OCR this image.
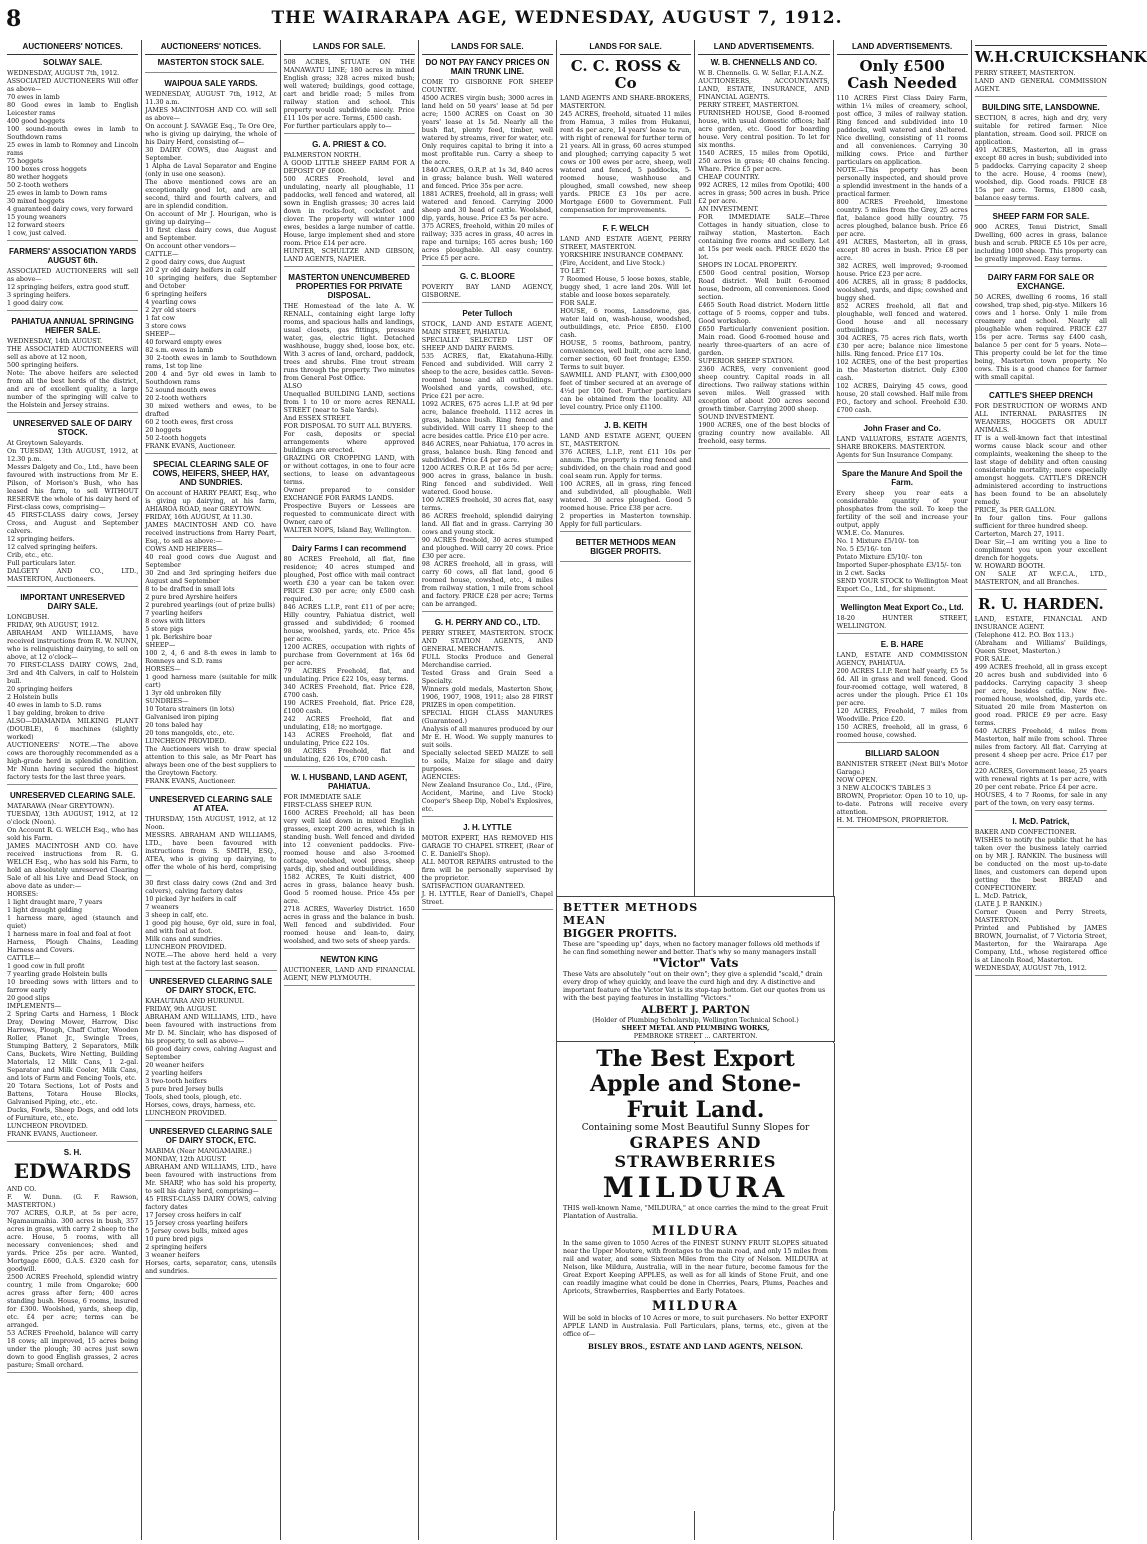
8	THE WAIRARAPA AGE, WEDNESDAY, AUGUST 7, 1912.
AUCTIONEERS' NOTICES.
SOLWAY SALE.
WEDNESDAY, AUGUST 7th, 1912.
ASSOCIATED AUCTIONEERS Will offer as above—
70 ewes in lamb
80 Good ewes in lamb to English Leicester rams
400 good hoggets
100 sound-mouth ewes in lamb to Southdown rams
25 ewes in lamb to Romney and Lincoln rams
75 hoggets
100 boxes cross hoggets
80 wether hoggets
50 2-tooth wethers
25 ewes in lamb to Down rams
30 mixed hoggets
4 guaranteed dairy cows, very forward
15 young weaners
12 forward steers
1 cow, just calved.
FARMERS' ASSOCIATION YARDS AUGUST 6th.
ASSOCIATED AUCTIONEERS will sell as above—
12 springing heifers, extra good stuff.
3 springing heifers.
1 good dairy cow.
PAHIATUA ANNUAL SPRINGING HEIFER SALE.
WEDNESDAY, 14th AUGUST.
THE ASSOCIATED AUCTIONEERS will sell as above at 12 noon,
500 springing heifers.
Note: The above heifers are selected from all the best herds of the district, and are of excellent quality, a large number of the springing will calve to the Holstein and Jersey strains.
UNRESERVED SALE OF DAIRY STOCK.
At Greytown Saleyards.
On TUESDAY, 13th AUGUST, 1912, at 12.30 p.m.
Messrs Dalgety and Co., Ltd., have been favoured with instructions from Mr E. Pilson, of Morison's Bush, who has leased his farm, to sell WITHOUT RESERVE the whole of his dairy herd of First-class cows, comprising—
45 FIRST-CLASS dairy cows, Jersey Cross, and August and September calvers.
12 springing heifers.
12 calved springing heifers.
Crib, etc., etc.
Full particulars later.
DALGETY AND CO., LTD., MASTERTON, Auctioneers.
IMPORTANT UNRESERVED DAIRY SALE.
LONGBUSH.
FRIDAY, 9th AUGUST, 1912.
ABRAHAM AND WILLIAMS, have received instructions from R. W. NUNN, who is relinquishing dairying, to sell on above, at 12 o'clock—
70 FIRST-CLASS DAIRY COWS, 2nd, 3rd and 4th Calvers, in calf to Holstein bull.
20 springing heifers
2 Holstein bulls
40 ewes in lamb to S.D. rams
1 bay gelding, broken to drive
ALSO—DIAMANDA MILKING PLANT (DOUBLE), 6 machines (slightly worked)
AUCTIONEERS' NOTE.—The above cows are thoroughly recommended as a high-grade herd in splendid condition. Mr Nunn having secured the highest factory tests for the last three years.
UNRESERVED CLEARING SALE.
MATARAWA (Near GREYTOWN).
TUESDAY, 13th AUGUST, 1912, at 12 o'clock (Noon).
On Account R. G. WELCH Esq., who has sold his Farm.
JAMES MACINTOSH AND CO. have received instructions from R. G. WELCH Esq., who has sold his Farm, to hold an absolutely unreserved Clearing Sale of all his Live and Dead Stock, on above date as under:—
HORSES:
1 light draught mare, 7 years
1 light draught gelding
1 harness mare, aged (staunch and quiet)
1 harness mare in foal and foal at foot
Harness, Plough Chains, Leading Harness and Covers.
CATTLE—
1 good cow in full profit
7 yearling grade Holstein bulls
10 breeding sows with litters and to farrow early
20 good slips
IMPLEMENTS—
2 Spring Carts and Harness, 1 Block Dray, Dewing Mower, Harrow, Disc Harrows, Plough, Chaff Cutter, Wooden Roller, Planet Jr., Swingle Trees, Stumping Battery, 2 Separators, Milk Cans, Buckets, Wire Netting, Building Materials, 12 Milk Cans, 1 2-gal. Separator and Milk Cooler, Milk Cans, and lots of Farm and Fencing Tools, etc.
20 Totara Sections, Lot of Posts and Battens, Totara House Blocks, Galvanised Piping, etc., etc.
Ducks, Fowls, Sheep Dogs, and odd lots of Furniture, etc., etc.
LUNCHEON PROVIDED.
FRANK EVANS, Auctioneer.
S. H.
EDWARDS
AND CO.
F. W. Dunn. (G. F. Rawson, MASTERTON.)
707 ACRES, O.R.P., at 5s per acre, Ngamaumaihia. 300 acres in bush, 357 acres in grass, with carry 2 sheep to the acre. House, 5 rooms, with all necessary conveniences; shed and yards. Price 25s per acre. Wanted, Mortgage £600, G.A.S. £320 cash for goodwill.
2500 ACRES Freehold, splendid wintry country, 1 mile from Ongaroke; 600 acres grass after fern; 400 acres standing bush. House, 6 rooms, insured for £300. Woolshed, yards, sheep dip, etc. £4 per acre; terms can be arranged.
53 ACRES Freehold, balance will carry 18 cows; all improved, 15 acres being under the plough; 30 acres just sown down to good English grasses, 2 acres pasture; Small orchard.
AUCTIONEERS' NOTICES.
MASTERTON STOCK SALE.
WAIPOUA SALE YARDS.
WEDNESDAY, AUGUST 7th, 1912, At 11.30 a.m.
JAMES MACINTOSH AND CO. will sell as above—
On account J. SAVAGE Esq., Te Ore Ore, who is giving up dairying, the whole of his Dairy Herd, consisting of—
30 DAIRY COWS, due August and September.
1 Alpha de Laval Separator and Engine (only in use one season).
The above mentioned cows are an exceptionally good lot, and are all second, third and fourth calvers, and are in splendid condition.
On account of Mr J. Hourigan, who is giving up dairying—
10 first class dairy cows, due August and September.
On account other vendors—
CATTLE—
2 good dairy cows, due August
20 2 yr old dairy heifers in calf
10 springing heifers, due September and October
6 springing heifers
4 yearling cows
2 2yr old steers
1 fat cow
3 store cows
SHEEP—
40 forward empty ewes
82 s.m. ewes in lamb
30 2-tooth ewes in lamb to Southdown rams, 1st top line
200 4 and 5yr old ewes in lamb to Southdown rams
52 sound mouth ewes
20 2-tooth wethers
30 mixed wethers and ewes, to be drafted
60 2 tooth ewes, first cross
20 hoggets
50 2-tooth hoggets
FRANK EVANS, Auctioneer.
SPECIAL CLEARING SALE OF COWS, HEIFERS, SHEEP, HAY, AND SUNDRIES.
On account of HARRY PEART, Esq., who is giving up dairying, at his farm, AHIAROA ROAD, near GREYTOWN.
FRIDAY, 16th AUGUST, At 11.30.
JAMES MACINTOSH AND CO. have received instructions from Harry Peart, Esq., to sell as above:—
COWS AND HEIFERS—
40 real good cows due August and September
30 2nd and 3rd springing heifers due August and September
8 to be drafted in small lots
2 pure bred Ayrshire heifers
2 purebred yearlings (out of prize bulls)
7 yearling heifers
8 cows with litters
5 store pigs
1 pk. Berkshire boar
SHEEP—
100 2, 4, 6 and 8-th ewes in lamb to Romneys and S.D. rams
HORSES—
1 good harness mare (suitable for milk cart)
1 3yr old unbroken filly
SUNDRIES—
10 Totara strainers (in lots)
Galvanised iron piping
20 tons baled hay
20 tons mangolds, etc., etc.
LUNCHEON PROVIDED.
The Auctioneers wish to draw special attention to this sale, as Mr Peart has always been one of the best suppliers to the Greytown Factory.
FRANK EVANS, Auctioneer.
UNRESERVED CLEARING SALE AT ATEA.
THURSDAY, 15th AUGUST, 1912, at 12 Noon.
MESSRS. ABRAHAM AND WILLIAMS, LTD., have been favoured with instructions from S. SMITH, ESQ., ATEA, who is giving up dairying, to offer the whole of his herd, comprising—
30 first class dairy cows (2nd and 3rd calvers), calving factory dates
10 picked 3yr heifers in calf
7 weaners
3 sheep in calf, etc.
1 good pig house, 6yr old, sure in foal, and with foal at foot.
Milk cans and sundries.
LUNCHEON PROVIDED.
NOTE.—The above herd held a very high test at the factory last season.
UNRESERVED CLEARING SALE OF DAIRY STOCK, ETC.
KAHAUTARA AND HURUNUI.
FRIDAY, 9th AUGUST.
ABRAHAM AND WILLIAMS, LTD., have been favoured with instructions from Mr D. M. Sinclair, who has disposed of his property, to sell as above—
60 good dairy cows, calving August and September
20 weaner heifers
2 yearling heifers
3 two-tooth heifers
5 pure bred Jersey bulls
Tools, shed tools, plough, etc.
Horses, cows, drays, harness, etc.
LUNCHEON PROVIDED.
UNRESERVED CLEARING SALE OF DAIRY STOCK, ETC.
MABIMA (Near MANGAMAIRE.)
MONDAY, 12th AUGUST.
ABRAHAM AND WILLIAMS, LTD., have been favoured with instructions from Mr. SHARP, who has sold his property, to sell his dairy herd, comprising—
45 FIRST-CLASS DAIRY COWS, calving factory dates
17 Jersey cross heifers in calf
15 Jersey cross yearling heifers
5 Jersey cows bulls, mixed ages
10 pure bred pigs
2 springing heifers
3 weaner heifers
Horses, carts, separator, cans, utensils and sundries.
LANDS FOR SALE.
508 ACRES, SITUATE ON THE MANAWATU LINE; 180 acres in mixed English grass; 328 acres mixed bush; well watered; buildings, good cottage, cart and bridle road; 5 miles from railway station and school. This property would subdivide nicely. Price £11 10s per acre. Terms, £500 cash.
For further particulars apply to—
G. A. PRIEST & CO.
PALMERSTON NORTH.
A GOOD LITTLE SHEEP FARM FOR A DEPOSIT OF £600.
500 ACRES Freehold, level and undulating, nearly all ploughable, 11 paddocks, well fenced and watered, all sown in English grasses; 30 acres laid down in rocks-foot, cocksfoot and clover. The property will winter 1000 ewes, besides a large number of cattle. House, large implement shed and store room. Price £14 per acre.
HUNTER, SCHULTZE AND GIBSON, LAND AGENTS, NAPIER.
MASTERTON UNENCUMBERED PROPERTIES FOR PRIVATE DISPOSAL.
THE Homestead of the late A. W. RENALL, containing eight large lofty rooms, and spacious halls and landings, usual closets, gas fittings, pressure water, gas, electric light. Detached washhouse, buggy shed, loose box, etc. With 3 acres of land, orchard, paddock, trees and shrubs. Fine trout stream runs through the property. Two minutes from General Post Office.
ALSO
Unequalled BUILDING LAND, sections from 1 to 10 or more acres RENALL STREET (near to Sale Yards).
And ESSEX STREET.
FOR DISPOSAL TO SUIT ALL BUYERS.
For cash, deposits or special arrangements where approved buildings are erected.
GRAZING OR CROPPING LAND, with or without cottages, in one to four acre sections, to lease on advantageous terms.
Owner prepared to consider EXCHANGE FOR FARMS LANDS.
Prospective Buyers or Lessees are requested to communicate direct with Owner, care of
WALTER NOPS, Island Bay, Wellington.
Dairy Farms I can recommend
80 ACRES Freehold, all flat, fine residence; 40 acres stumped and ploughed, Post office with mail contract worth £30 a year can be taken over. PRICE £30 per acre; only £500 cash required.
846 ACRES L.I.P., rent £11 of per acre; Hilly country, Pahiatua district, well grassed and subdivided; 6 roomed house, woolshed, yards, etc. Price 45s per acre.
1200 ACRES, occupation with rights of purchase from Government at 16s 6d per acre.
79 ACRES Freehold, flat, and undulating. Price £22 10s, easy terms.
340 ACRES Freehold, flat. Price £28, £700 cash.
190 ACRES Freehold, flat. Price £28, £1000 cash.
242 ACRES Freehold, flat and undulating, £18; no mortgage.
143 ACRES Freehold, flat and undulating, Price £22 10s.
98 ACRES Freehold, flat and undulating, £26 10s, £700 cash.
W. I. HUSBAND, LAND AGENT, PAHIATUA.
FOR IMMEDIATE SALE
FIRST-CLASS SHEEP RUN.
1600 ACRES Freehold; all has been very well laid down in mixed English grasses, except 200 acres, which is in standing bush. Well fenced and divided into 12 convenient paddocks. Five-roomed house and also 3-roomed cottage, woolshed, wool press, sheep yards, dip, shed and outbuildings.
1582 ACRES, Te Kuiti district, 400 acres in grass, balance heavy bush. Good 5 roomed house. Price 45s per acre.
2718 ACRES, Waverley District. 1650 acres in grass and the balance in bush. Well fenced and subdivided. Four roomed house and lean-to, dairy, woolshed, and two sets of sheep yards.
NEWTON KING
AUCTIONEER, LAND AND FINANCIAL AGENT, NEW PLYMOUTH.
LANDS FOR SALE.
DO NOT PAY FANCY PRICES ON MAIN TRUNK LINE.
COME TO GISBORNE FOR SHEEP COUNTRY.
4500 ACRES virgin bush; 3000 acres in land held on 50 years' lease at 5d per acre; 1500 ACRES on Coast on 30 years' lease at 1s 5d. Nearly all the bush flat, plenty feed, timber, well watered by streams, river for water, etc. Only requires capital to bring it into a most profitable run. Carry a sheep to the acre.
1840 ACRES, O.R.P. at 1s 3d, 840 acres in grass; balance bush. Well watered and fenced. Price 35s per acre.
1881 ACRES, freehold, all in grass; well watered and fenced. Carrying 2000 sheep and 30 head of cattle. Woolshed, dip, yards, house. Price £3 5s per acre.
375 ACRES, freehold, within 20 miles of railway; 335 acres in grass, 40 acres in rape and turnips; 165 acres bush; 160 acres ploughable. All easy country. Price £5 per acre.
G. C. BLOORE
POVERTY BAY LAND AGENCY, GISBORNE.
Peter Tulloch
STOCK, LAND AND ESTATE AGENT, MAIN STREET, PAHIATUA.
SPECIALLY SELECTED LIST OF SHEEP AND DAIRY FARMS.
535 ACRES, flat, Ekatahuna-Hilly. Fenced and subdivided. Will carry 2 sheep to the acre, besides cattle. Seven-roomed house and all outbuildings. Woolshed and yards, cowshed, etc. Price £21 per acre.
1092 ACRES, 675 acres L.I.P. at 9d per acre, balance freehold. 1112 acres in grass, balance bush. Ring fenced and subdivided. Will carry 11 sheep to the acre besides cattle. Price £10 per acre.
846 ACRES, near Pahiatua, 170 acres in grass, balance bush. Ring fenced and subdivided. Price £4 per acre.
1200 ACRES O.R.P. at 16s 5d per acre; 900 acres in grass, balance in bush. Ring fenced and subdivided. Well watered. Good house.
100 ACRES freehold, 30 acres flat, easy terms.
86 ACRES freehold, splendid dairying land. All flat and in grass. Carrying 30 cows and young stock.
90 ACRES freehold, 30 acres stumped and ploughed. Will carry 20 cows. Price £30 per acre.
98 ACRES freehold, all in grass, will carry 60 cows, all flat land, good 6 roomed house, cowshed, etc., 4 miles from railway station, 1 mile from school and factory. PRICE £28 per acre; Terms can be arranged.
G. H. PERRY AND CO., LTD.
PERRY STREET, MASTERTON. STOCK AND STATION AGENTS, AND GENERAL MERCHANTS.
FULL Stocks Produce and General Merchandise carried.
Tested Grass and Grain Seed a Specialty.
Winners gold medals, Masterton Show, 1906, 1907, 1908, 1911; also 28 FIRST PRIZES in open competition.
SPECIAL HIGH CLASS MANURES (Guaranteed.)
Analysis of all manures produced by our Mr E. H. Wood. We supply manures to suit soils.
Specially selected SEED MAIZE to sell to soils, Maize for silage and dairy purposes.
AGENCIES:
New Zealand Insurance Co., Ltd., (Fire, Accident, Marine, and Live Stock) Cooper's Sheep Dip, Nobel's Explosives, etc.
J. H. LYTTLE
MOTOR EXPERT, HAS REMOVED HIS GARAGE TO CHAPEL STREET, (Rear of C. E. Daniell's Shop).
ALL MOTOR REPAIRS entrusted to the firm will be personally supervised by the proprietor.
SATISFACTION GUARANTEED.
J. H. LYTTLE, Rear of Daniell's, Chapel Street.
LANDS FOR SALE.
C. C. ROSS & Co
LAND AGENTS AND SHARE-BROKERS, MASTERTON.
245 ACRES, freehold, situated 11 miles from Hamua, 3 miles from Hukanui, rent 4s per acre, 14 years' lease to run, with right of renewal for further term of 21 years. All in grass, 60 acres stumped and ploughed; carrying capacity 5 wet cows or 100 ewes per acre, sheep, well watered and fenced, 5 paddocks, 5-roomed house, washhouse and ploughed, small cowshed, new sheep yards. PRICE £3 10s per acre. Mortgage £600 to Government. Full compensation for improvements.
F. F. WELCH
LAND AND ESTATE AGENT, PERRY STREET, MASTERTON.
YORKSHIRE INSURANCE COMPANY.
(Fire, Accident, and Live Stock.)
TO LET.
7 Roomed House, 5 loose boxes, stable, buggy shed, 1 acre land 20s. Will let stable and loose boxes separately.
FOR SALE.
HOUSE, 6 rooms, Lansdowne, gas, water laid on, wash-house, woodshed, outbuildings, etc. Price £850. £100 cash.
HOUSE, 5 rooms, bathroom, pantry, conveniences, well built, one acre land, corner section, 60 feet frontage; £350. Terms to suit buyer.
SAWMILL AND PLANT, with £300,000 feet of timber secured at an average of 4½d per 100 feet. Further particulars can be obtained from the locality. All level country. Price only £1100.
J. B. KEITH
LAND AND ESTATE AGENT, QUEEN ST., MASTERTON.
376 ACRES, L.I.P., rent £11 10s per annum. The property is ring fenced and subdivided, on the chain road and good coal seam run. Apply for terms.
100 ACRES, all in grass, ring fenced and subdivided, all ploughable. Well watered. 30 acres ploughed. Good 5 roomed house. Price £38 per acre.
2 properties in Masterton township. Apply for full particulars.
BETTER METHODS MEAN BIGGER PROFITS.
LAND ADVERTISEMENTS.
W. B. CHENNELLS AND CO.
W. B. Chennells. G. W. Sellar, F.I.A.N.Z.
AUCTIONEERS, ACCOUNTANTS, LAND, ESTATE, INSURANCE, AND FINANCIAL AGENTS.
PERRY STREET, MASTERTON.
FURNISHED HOUSE, Good 8-roomed house, with usual domestic offices; half acre garden, etc. Good for boarding house. Very central position. To let for six months.
1540 ACRES, 15 miles from Opotiki, 250 acres in grass; 40 chains fencing. Whare. Price £5 per acre.
CHEAP COUNTRY.
992 ACRES, 12 miles from Opotiki; 400 acres in grass; 500 acres in bush. Price £2 per acre.
AN INVESTMENT.
FOR IMMEDIATE SALE—Three Cottages in handy situation, close to railway station, Masterton. Each containing five rooms and scullery. Let at 15s per week each. PRICE £620 the lot.
SHOPS IN LOCAL PROPERTY.
£500 Good central position, Worsop Road district. Well built 6-roomed house, bedroom, all conveniences. Good section.
£465 South Road district. Modern little cottage of 5 rooms, copper and tubs. Good workshop.
£650 Particularly convenient position. Main road. Good 6-roomed house and nearly three-quarters of an acre of garden.
SUPERIOR SHEEP STATION.
2360 ACRES, very convenient good sheep country. Capital roads in all directions. Two railway stations within seven miles. Well grassed with exception of about 200 acres second growth timber. Carrying 2000 sheep.
SOUND INVESTMENT.
1900 ACRES, one of the best blocks of grazing country now available. All freehold, easy terms.
LAND ADVERTISEMENTS.
Only £500 Cash Needed
110 ACRES First Class Dairy Farm, within 1¼ miles of creamery, school, post office, 3 miles of railway station. Ring fenced and subdivided into 10 paddocks, well watered and sheltered. Nice dwelling, consisting of 11 rooms and all conveniences. Carrying 30 milking cows. Price and further particulars on application.
NOTE.—This property has been personally inspected, and should prove a splendid investment in the hands of a practical farmer.
800 ACRES Freehold, limestone country. 5 miles from the Grey, 25 acres flat, balance good hilly country. 75 acres ploughed, balance bush. Price £6 per acre.
491 ACRES, Masterton, all in grass, except 80 acres in bush. Price £8 per acre.
382 ACRES, well improved; 9-roomed house. Price £23 per acre.
406 ACRES, all in grass; 8 paddocks, woolshed, yards, and dips; cowshed and buggy shed.
852 ACRES freehold, all flat and ploughable, well fenced and watered. Good house and all necessary outbuildings.
304 ACRES, 75 acres rich flats, worth £30 per acre; balance nice limestone hills. Ring fenced. Price £17 10s.
102 ACRES, one of the best properties in the Masterton district. Only £300 cash.
102 ACRES, Dairying 45 cows, good house, 20 stall cowshed. Half mile from P.O., factory and school. Freehold £30. £700 cash.
John Fraser and Co.
LAND VALUATORS, ESTATE AGENTS, SHARE BROKERS. MASTERTON.
Agents for Sun Insurance Company.
Spare the Manure And Spoil the Farm.
Every sheep you rear eats a considerable quantity of your phosphates from the soil. To keep the fertility of the soil and increase your output, apply
W.M.E. Co. Manures.
No. 1 Mixture £5/10/- ton
No. 5 £5/16/- ton
Potato Mixture £5/10/- ton
Imported Super-phosphate £3/15/- ton
in 2 cwt. Sacks
SEND YOUR STOCK to Wellington Meat Export Co., Ltd., for shipment.
Wellington Meat Export Co., Ltd.
18-20 HUNTER STREET, WELLINGTON.
E. B. HARE
LAND, ESTATE AND COMMISSION AGENCY, PAHIATUA.
200 ACRES L.I.P. Rent half yearly, £5 5s 6d. All in grass and well fenced. Good four-roomed cottage, well watered, 8 acres under the plough. Price £1 10s per acre.
120 ACRES, Freehold, 7 miles from Woodville. Price £20.
150 ACRES, freehold, all in grass, 6 roomed house, cowshed.
BILLIARD SALOON
BANNISTER STREET (Next Bill's Motor Garage.)
NOW OPEN.
3 NEW ALCOCK'S TABLES 3
BROWN, Proprietor. Open 10 to 10, up-to-date. Patrons will receive every attention.
H. M. THOMPSON, PROPRIETOR.
W.H.CRUICKSHANK
PERRY STREET, MASTERTON.
LAND AND GENERAL COMMISSION AGENT.
BUILDING SITE, LANSDOWNE.
SECTION, 8 acres, high and dry, very suitable for retired farmer. Nice plantation, stream. Good soil. PRICE on application.
491 ACRES, Masterton, all in grass except 80 acres in bush; subdivided into 5 paddocks. Carrying capacity 2 sheep to the acre. House, 4 rooms (new), woolshed, dip. Good roads. PRICE £8 15s per acre. Terms, £1800 cash, balance easy terms.
SHEEP FARM FOR SALE.
900 ACRES, Tenui District, Small Dwelling, 600 acres in grass, balance bush and scrub. PRICE £5 10s per acre, including 1000 sheep. This property can be greatly improved. Easy terms.
DAIRY FARM FOR SALE OR EXCHANGE.
50 ACRES, dwelling 6 rooms, 16 stall cowshed, trap shed, pig-stye. Milkers 16 cows and 1 horse. Only 1 mile from creamery and school. Nearly all ploughable when required. PRICE £27 15s per acre. Terms say £400 cash, balance 5 per cent for 5 years. Note—This property could be let for the time being, Masterton town property. No cows. This is a good chance for farmer with small capital.
CATTLE'S SHEEP DRENCH
FOR DESTRUCTION OF WORMS AND ALL INTERNAL PARASITES IN WEANERS, HOGGETS OR ADULT ANIMALS.
IT is a well-known fact that intestinal worms cause black scour and other complaints, weakening the sheep to the last stage of debility and often causing considerable mortality; more especially amongst hoggets. CATTLE'S DRENCH administered according to instructions has been found to be an absolutely remedy.
PRICE, 3s PER GALLON.
In four gallon tins. Four gallons sufficient for three hundred sheep.
Carterton, March 27, 1911.
Dear Sir,—I am writing you a line to compliment you upon your excellent drench for hoggets.
W. HOWARD BOOTH.
ON SALE AT W.F.C.A., LTD., MASTERTON, and all Branches.
R. U. HARDEN.
LAND, ESTATE, FINANCIAL AND INSURANCE AGENT.
(Telephone 412. P.O. Box 113.)
(Abraham and Williams' Buildings, Queen Street, Masterton.)
FOR SALE.
499 ACRES freehold, all in grass except 20 acres bush and subdivided into 6 paddocks. Carrying capacity 3 sheep per acre, besides cattle. New five-roomed house, woolshed, dip, yards etc. Situated 20 mile from Masterton on good road. PRICE £9 per acre. Easy terms.
640 ACRES Freehold, 4 miles from Masterton, half mile from school. Three miles from factory. All flat. Carrying at present 4 sheep per acre. Price £17 per acre.
220 ACRES, Government lease, 25 years with renewal rights at 1s per acre, with 20 per cent rebate. Price £4 per acre.
HOUSES, 4 to 7 Rooms, for sale in any part of the town, on very easy terms.
I. McD. Patrick,
BAKER AND CONFECTIONER.
WISHES to notify the public that he has taken over the business lately carried on by MR J. RANKIN. The business will be conducted on the most up-to-date lines, and customers can depend upon getting the best BREAD and CONFECTIONERY.
L. McD. Patrick,
(LATE J. P. RANKIN.)
Corner Queen and Perry Streets, MASTERTON.
Printed and Published by JAMES BROWN, Journalist, of 7 Victoria Street, Masterton, for the Wairarapa Age Company, Ltd., whose registered office is at Lincoln Road, Masterton.
WEDNESDAY, AUGUST 7th, 1912.
BETTER METHODS
MEAN
BIGGER PROFITS.
These are "speeding up" days, when no factory manager follows old methods if he can find something newer and better. That's why so many managers install
"Victor" Vats
These Vats are absolutely "out on their own"; they give a splendid "scald," drain every drop of whey quickly, and leave the curd high and dry. A distinctive and important feature of the Victor Vat is its stop-tap bottom. Get our quotes from us with the best paying features in installing "Victors."
ALBERT J. PARTON
(Holder of Plumbing Scholarship, Wellington Technical School.)
SHEET METAL AND PLUMBING WORKS,
PEMBROKE STREET ... CARTERTON.
The Best Export Apple and Stone-Fruit Land.
Containing some Most Beautiful Sunny Slopes for
GRAPES AND STRAWBERRIES
MILDURA
THIS well-known Name, "MILDURA," at once carries the mind to the great Fruit Plantation of Australia.
MILDURA
In the same given to 1050 Acres of the FINEST SUNNY FRUIT SLOPES situated near the Upper Moutere, with frontages to the main road, and only 15 miles from rail and water, and some Sixteen Miles from the City of Nelson. MILDURA at Nelson, like Mildura, Australia, will in the near future, become famous for the Great Export Keeping APPLES, as well as for all kinds of Stone Fruit, and one can readily imagine what could be done in Cherries, Pears, Plums, Peaches and Apricots, Strawberries, Raspberries and Early Potatoes.
MILDURA
Will be sold in blocks of 10 Acres or more, to suit purchasers. No better EXPORT APPLE LAND in Australasia. Full Particulars, plans, terms, etc., given at the office of—
BISLEY BROS., ESTATE AND LAND AGENTS, NELSON.
